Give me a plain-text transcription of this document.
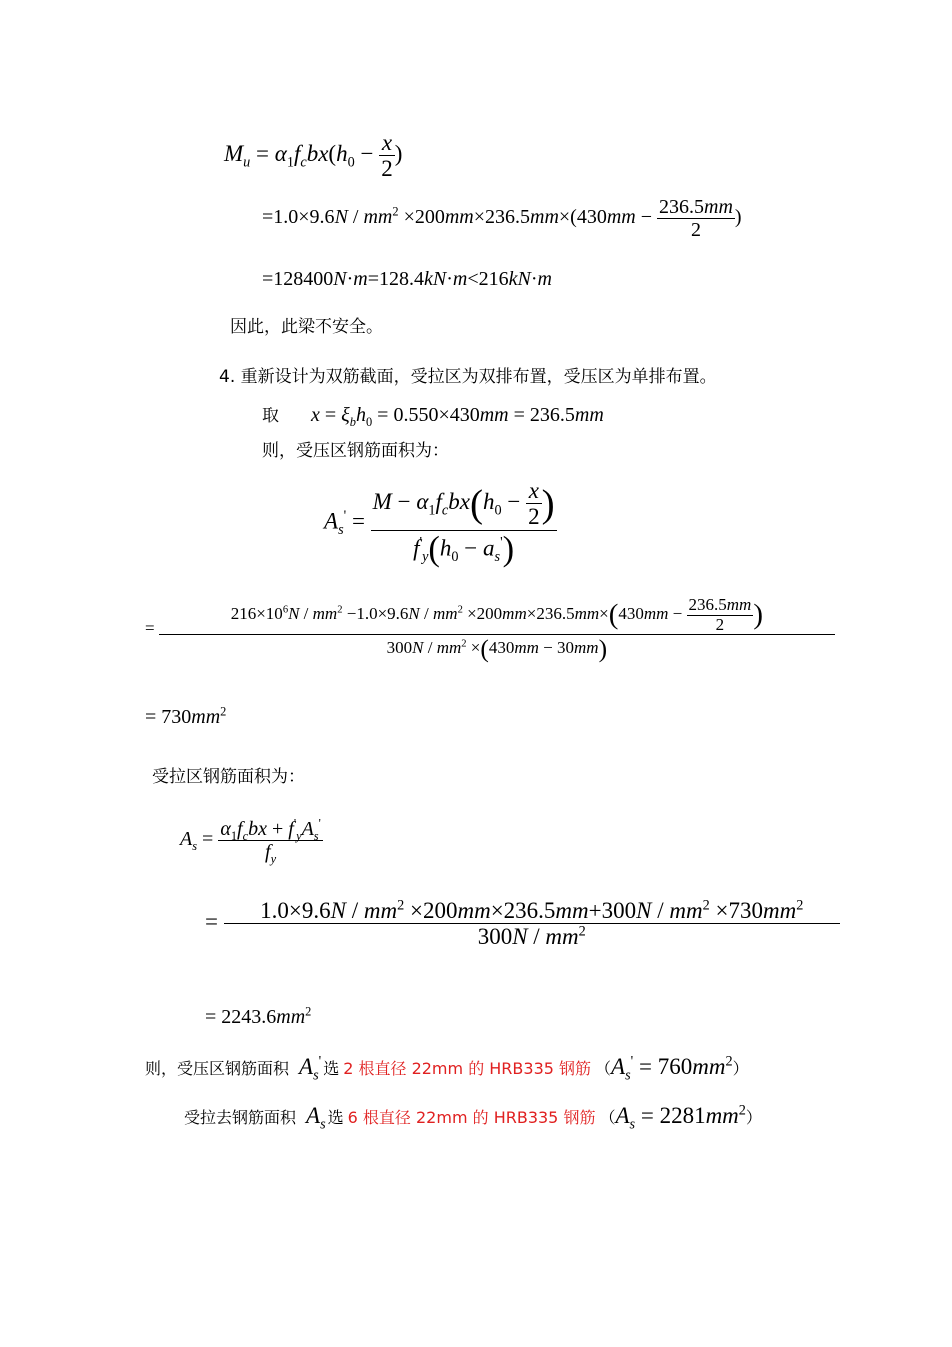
$M_u = \alpha_1f_cbx(h_0 - \frac{x}{2}$ )
$=1.0\times 9.6N / mm^2 \times 200mm\times 236.5mm\times(430mm - \frac{236.5mm}{2}$ )
=128400N·m=128.4kN·m<216kN·m
因此，此梁不安全。
4. 重新设计为双筋截面，受拉区为双排布置，受压区为单排布置。
取 $x = \xi_bh_0 = 0.550\times 430mm = 236.5mm$
则，受压区钢筋面积为：
$A_s' = \frac{M - \alpha_1f_cbx(h_0 - \frac{x}{2} )}{f'_y(h_0 - a_s')}$
=
$216\times 10^6N / mm^2 -1.0\times 9.6N / mm^2 \times 200mm\times 236.5mm\times(430mm - \frac{236.5mm}{2}$ )
$300N / mm^2 \times(430mm - 30mm)$
= $730mm^2$
受拉区钢筋面积为：
$A_s = \frac{\alpha_1f_cbx + f'_yA_s'}{f_y}$
= $\frac{1.0\times 9.6N / mm^2 \times 200mm\times 236.5mm+300N / mm^2 \times 730mm^2}{300N / mm^2}$
= $2243.6mm^2$
则，受压区钢筋面积 $A_s'$ 选 2 根直径 22mm 的 HRB335 钢筋 $(A_s' = 760mm^2)$
受拉去钢筋面积 $A_s$ 选 6 根直径 22mm 的 HRB335 钢筋 $(A_s = 2281mm^2)$
